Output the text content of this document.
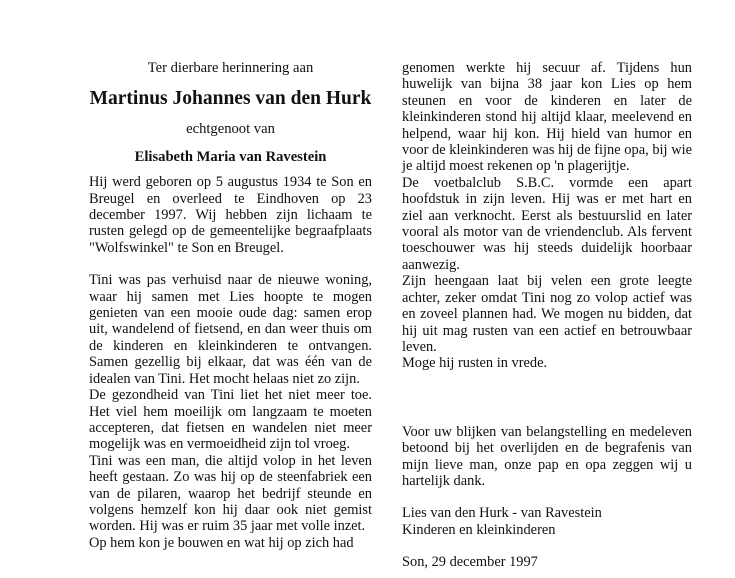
Ter dierbare herinnering aan
Martinus Johannes van den Hurk
echtgenoot van
Elisabeth Maria van Ravestein

Hij werd geboren op 5 augustus 1934 te Son en Breugel en overleed te Eindhoven op 23 december 1997. Wij hebben zijn lichaam te rusten gelegd op de gemeentelijke begraafplaats "Wolfswinkel" te Son en Breugel.

Tini was pas verhuisd naar de nieuwe woning, waar hij samen met Lies hoopte te mogen genieten van een mooie oude dag: samen erop uit, wandelend of fietsend, en dan weer thuis om de kinderen en kleinkinderen te ontvangen. Samen gezellig bij elkaar, dat was één van de idealen van Tini. Het mocht helaas niet zo zijn.

De gezondheid van Tini liet het niet meer toe. Het viel hem moeilijk om langzaam te moeten accepteren, dat fietsen en wandelen niet meer mogelijk was en vermoeidheid zijn tol vroeg.

Tini was een man, die altijd volop in het leven heeft gestaan. Zo was hij op de steenfabriek een van de pilaren, waarop het bedrijf steunde en volgens hemzelf kon hij daar ook niet gemist worden. Hij was er ruim 35 jaar met volle inzet.

Op hem kon je bouwen en wat hij op zich had

genomen werkte hij secuur af. Tijdens hun huwelijk van bijna 38 jaar kon Lies op hem steunen en voor de kinderen en later de kleinkinderen stond hij altijd klaar, meelevend en helpend, waar hij kon. Hij hield van humor en voor de kleinkinderen was hij de fijne opa, bij wie je altijd moest rekenen op 'n plagerijtje.

De voetbalclub S.B.C. vormde een apart hoofdstuk in zijn leven. Hij was er met hart en ziel aan verknocht. Eerst als bestuurslid en later vooral als motor van de vriendenclub. Als fervent toeschouwer was hij steeds duidelijk hoorbaar aanwezig.

Zijn heengaan laat bij velen een grote leegte achter, zeker omdat Tini nog zo volop actief was en zoveel plannen had. We mogen nu bidden, dat hij uit mag rusten van een actief en betrouwbaar leven.

Moge hij rusten in vrede.

Voor uw blijken van belangstelling en medeleven betoond bij het overlijden en de begrafenis van mijn lieve man, onze pap en opa zeggen wij u hartelijk dank.

Lies van den Hurk - van Ravestein
Kinderen en kleinkinderen
Son, 29 december 1997
